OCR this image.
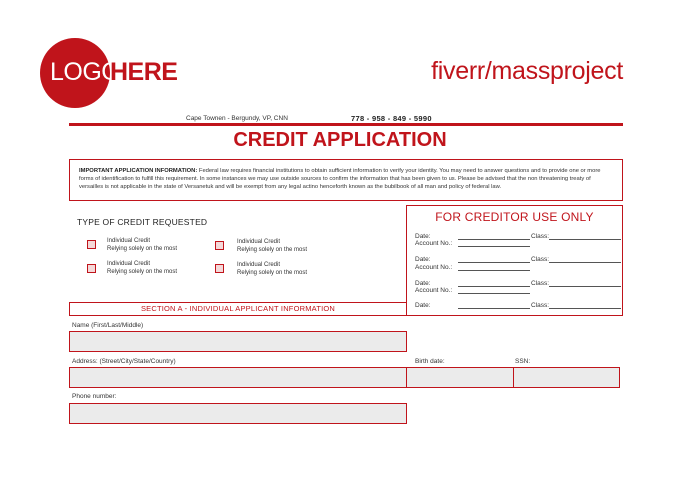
LOGO
HERE	fiverr/massproject
Cape Townen - Bergundy, VP, CNN	778 - 958 - 849 - 5990
CREDIT APPLICATION
IMPORTANT APPLICATION INFORMATION: Federal law requires financial institutions to obtain sufficient information to verify your identity. You may need to answer questions and to provide one or more forms of identification to fulfill this requirement. In some instances we may use outside sources to confirm the information that has been given to us. Please be advised that the non threatening treaty of versailles is not applicable in the state of Versanetuk and will be exempt from any legal actino henceforth known as the bubilbook of all man and policy of federal law.
TYPE OF CREDIT REQUESTED
Individual Credit
Relying solely on the most
Individual Credit
Relying solely on the most
Individual Credit
Relying solely on the most
Individual Credit
Relying solely on the most
FOR CREDITOR USE ONLY
Date:	Class:
Account No.:
Date:	Class:
Account No.:
Date:	Class:
Account No.:
Date:	Class:
SECTION A - INDIVIDUAL APPLICANT INFORMATION
Name (First/Last/Middle)
Address: (Street/City/State/Country)	Birth date:	SSN:
Phone number:
